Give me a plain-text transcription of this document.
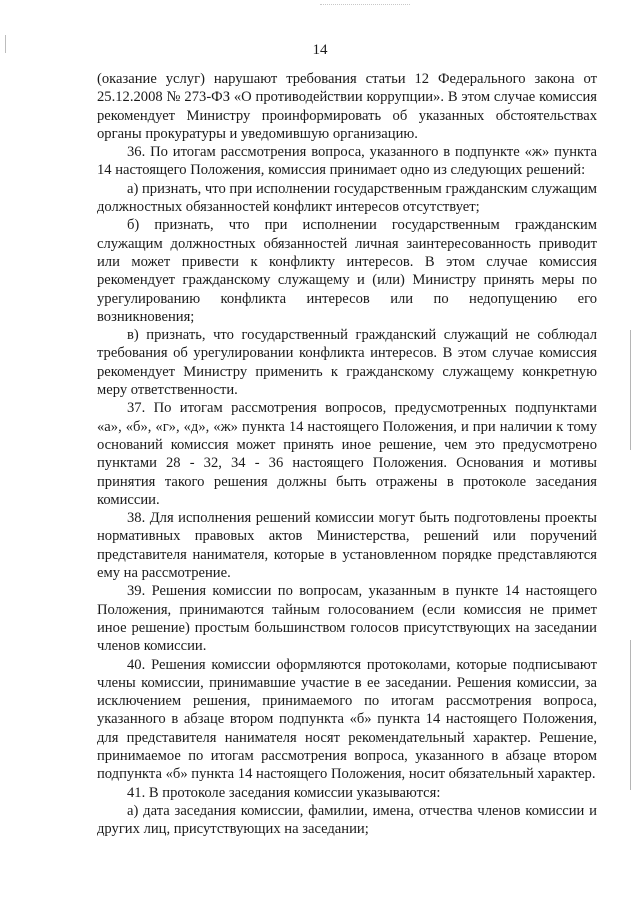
14

(оказание услуг) нарушают требования статьи 12 Федерального закона от 25.12.2008 № 273-ФЗ «О противодействии коррупции». В этом случае комиссия рекомендует Министру проинформировать об указанных обстоятельствах органы прокуратуры и уведомившую организацию.

36. По итогам рассмотрения вопроса, указанного в подпункте «ж» пункта 14 настоящего Положения, комиссия принимает одно из следующих решений:

а) признать, что при исполнении государственным гражданским служащим должностных обязанностей конфликт интересов отсутствует;

б) признать, что при исполнении государственным гражданским служащим должностных обязанностей личная заинтересованность приводит или может привести к конфликту интересов. В этом случае комиссия рекомендует гражданскому служащему и (или) Министру принять меры по урегулированию конфликта интересов или по недопущению его возникновения;

в) признать, что государственный гражданский служащий не соблюдал требования об урегулировании конфликта интересов. В этом случае комиссия рекомендует Министру применить к гражданскому служащему конкретную меру ответственности.

37. По итогам рассмотрения вопросов, предусмотренных подпунктами «а», «б», «г», «д», «ж» пункта 14 настоящего Положения, и при наличии к тому оснований комиссия может принять иное решение, чем это предусмотрено пунктами 28 - 32, 34 - 36 настоящего Положения. Основания и мотивы принятия такого решения должны быть отражены в протоколе заседания комиссии.

38. Для исполнения решений комиссии могут быть подготовлены проекты нормативных правовых актов Министерства, решений или поручений представителя нанимателя, которые в установленном порядке представляются ему на рассмотрение.

39. Решения комиссии по вопросам, указанным в пункте 14 настоящего Положения, принимаются тайным голосованием (если комиссия не примет иное решение) простым большинством голосов присутствующих на заседании членов комиссии.

40. Решения комиссии оформляются протоколами, которые подписывают члены комиссии, принимавшие участие в ее заседании. Решения комиссии, за исключением решения, принимаемого по итогам рассмотрения вопроса, указанного в абзаце втором подпункта «б» пункта 14 настоящего Положения, для представителя нанимателя носят рекомендательный характер. Решение, принимаемое по итогам рассмотрения вопроса, указанного в абзаце втором подпункта «б» пункта 14 настоящего Положения, носит обязательный характер.

41. В протоколе заседания комиссии указываются:

а) дата заседания комиссии, фамилии, имена, отчества членов комиссии и других лиц, присутствующих на заседании;
